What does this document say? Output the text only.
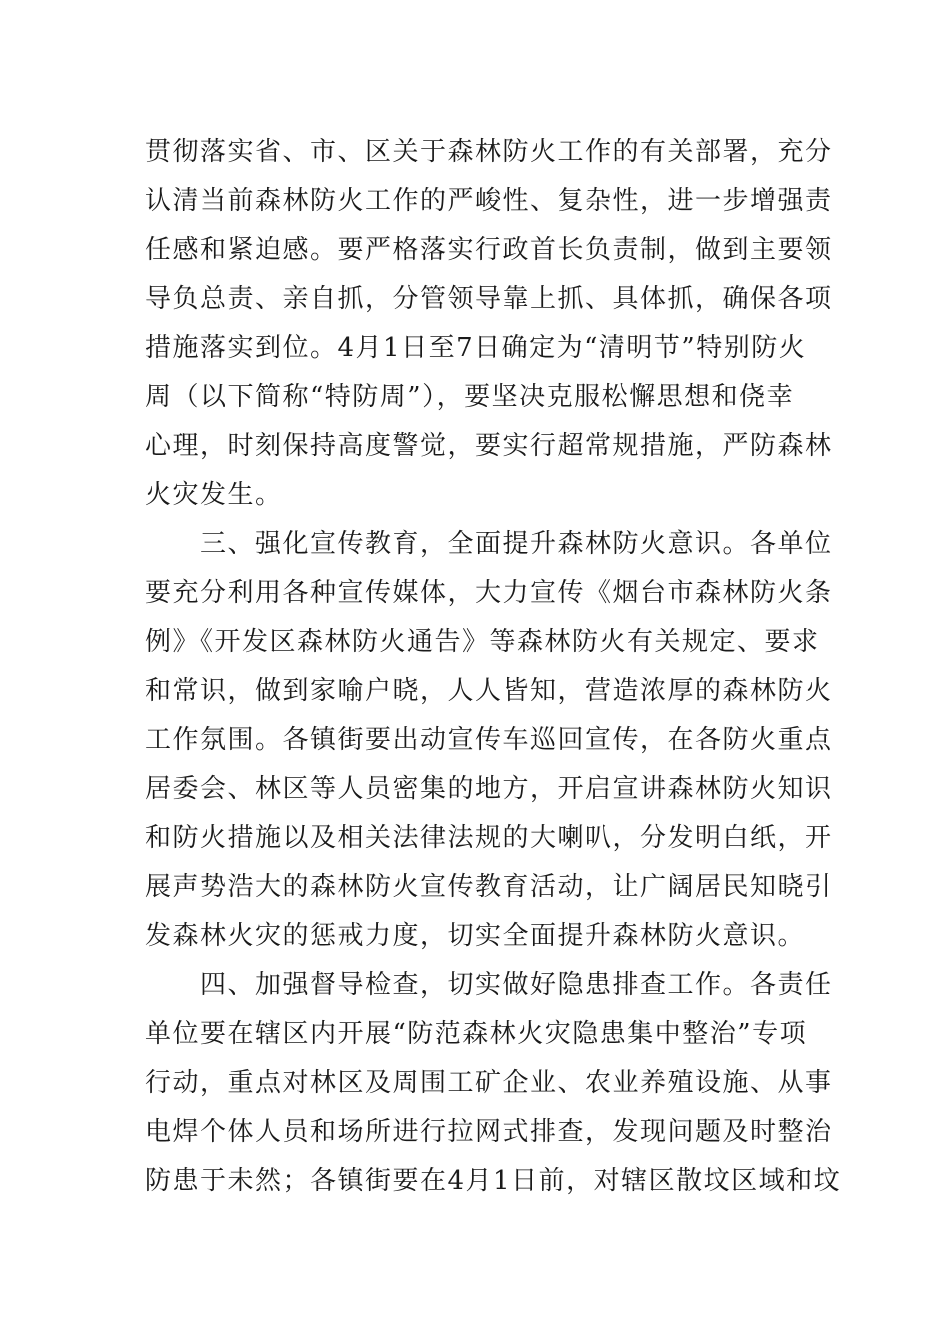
贯彻落实省、市、区关于森林防火工作的有关部署，充分
认清当前森林防火工作的严峻性、复杂性，进一步增强责
任感和紧迫感。要严格落实行政首长负责制，做到主要领
导负总责、亲自抓，分管领导靠上抓、具体抓，确保各项
措施落实到位。4月1日至7日确定为“清明节”特别防火
周（以下简称“特防周”），要坚决克服松懈思想和侥幸
心理，时刻保持高度警觉，要实行超常规措施，严防森林
火灾发生。
　　三、强化宣传教育，全面提升森林防火意识。各单位
要充分利用各种宣传媒体，大力宣传《烟台市森林防火条
例》《开发区森林防火通告》等森林防火有关规定、要求
和常识，做到家喻户晓，人人皆知，营造浓厚的森林防火
工作氛围。各镇街要出动宣传车巡回宣传，在各防火重点
居委会、林区等人员密集的地方，开启宣讲森林防火知识
和防火措施以及相关法律法规的大喇叭，分发明白纸，开
展声势浩大的森林防火宣传教育活动，让广阔居民知晓引
发森林火灾的惩戒力度，切实全面提升森林防火意识。
　　四、加强督导检查，切实做好隐患排查工作。各责任
单位要在辖区内开展“防范森林火灾隐患集中整治”专项
行动，重点对林区及周围工矿企业、农业养殖设施、从事
电焊个体人员和场所进行拉网式排查，发现问题及时整治
防患于未然；各镇街要在4月1日前，对辖区散坟区域和坟
